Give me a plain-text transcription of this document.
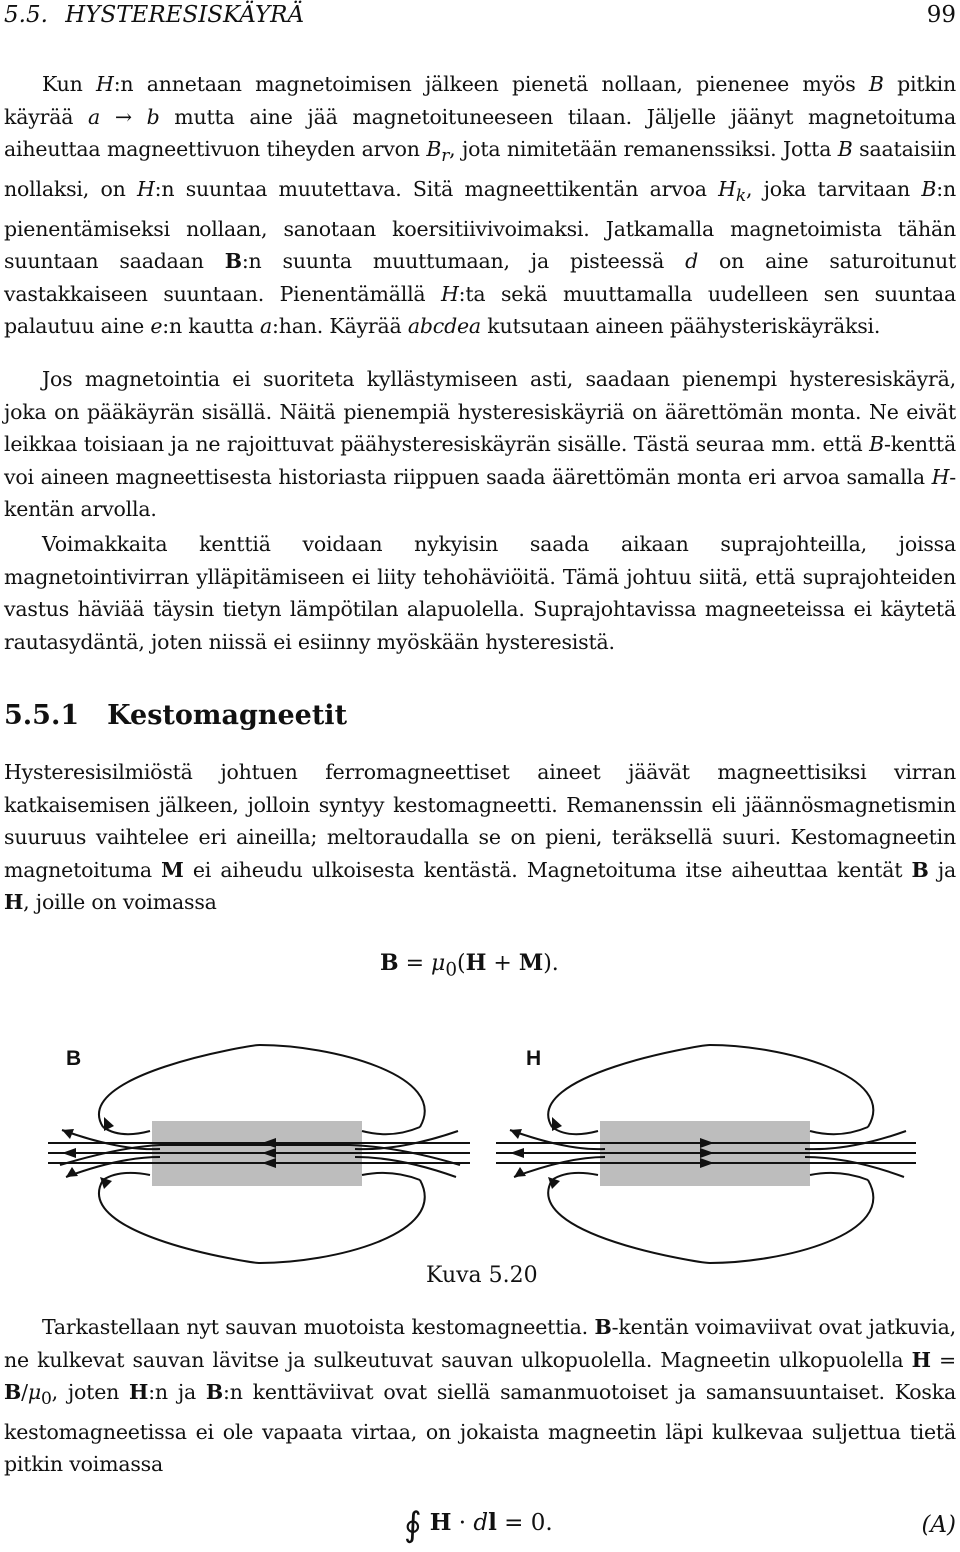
5.5. HYSTERESISKÄYRÄ	99

Kun H:n annetaan magnetoimisen jälkeen pienetä nollaan, pienenee myös B pitkin käyrää a → b mutta aine jää magnetoituneeseen tilaan. Jäljelle jäänyt magnetoituma aiheuttaa magneettivuon tiheyden arvon $B_r$, jota nimitetään remanenssiksi. Jotta B saataisiin nollaksi, on H:n suuntaa muutettava. Sitä magneettikentän arvoa $H_k$, joka tarvitaan B:n pienentämiseksi nollaan, sanotaan koersitiivivoimaksi. Jatkamalla magnetoimista tähän suuntaan saadaan B:n suunta muuttumaan, ja pisteessä d on aine saturoitunut vastakkaiseen suuntaan. Pienentämällä H:ta sekä muuttamalla uudelleen sen suuntaa palautuu aine e:n kautta a:han. Käyrää abcdea kutsutaan aineen päähysteriskäyräksi.

Jos magnetointia ei suoriteta kyllästymiseen asti, saadaan pienempi hysteresiskäyrä, joka on pääkäyrän sisällä. Näitä pienempiä hysteresiskäyriä on äärettömän monta. Ne eivät leikkaa toisiaan ja ne rajoittuvat päähysteresiskäyrän sisälle. Tästä seuraa mm. että B-kenttä voi aineen magneettisesta historiasta riippuen saada äärettömän monta eri arvoa samalla H-kentän arvolla.

Voimakkaita kenttiä voidaan nykyisin saada aikaan suprajohteilla, joissa magnetointivirran ylläpitämiseen ei liity tehohäviöitä. Tämä johtuu siitä, että suprajohteiden vastus häviää täysin tietyn lämpötilan alapuolella. Suprajohtavissa magneeteissa ei käytetä rautasydäntä, joten niissä ei esiinny myöskään hysteresistä.

5.5.1 Kestomagneetit

Hysteresisilmiöstä johtuen ferromagneettiset aineet jäävät magneettisiksi virran katkaisemisen jälkeen, jolloin syntyy kestomagneetti. Remanenssin eli jäännösmagnetismin suuruus vaihtelee eri aineilla; meltoraudalla se on pieni, teräksellä suuri. Kestomagneetin magnetoituma M ei aiheudu ulkoisesta kentästä. Magnetoituma itse aiheuttaa kentät B ja H, joille on voimassa

$B = \mu_0(H + M)$.
B	H
Kuva 5.20

Tarkastellaan nyt sauvan muotoista kestomagneettia. B-kentän voimaviivat ovat jatkuvia, ne kulkevat sauvan lävitse ja sulkeutuvat sauvan ulkopuolella. Magneetin ulkopuolella $H = B/\mu_0$, joten H:n ja B:n kenttäviivat ovat siellä samanmuotoiset ja samansuuntaiset. Koska kestomagneetissa ei ole vapaata virtaa, on jokaista magneetin läpi kulkevaa suljettua tietä pitkin voimassa

∮ H · dl = 0.	(A)
